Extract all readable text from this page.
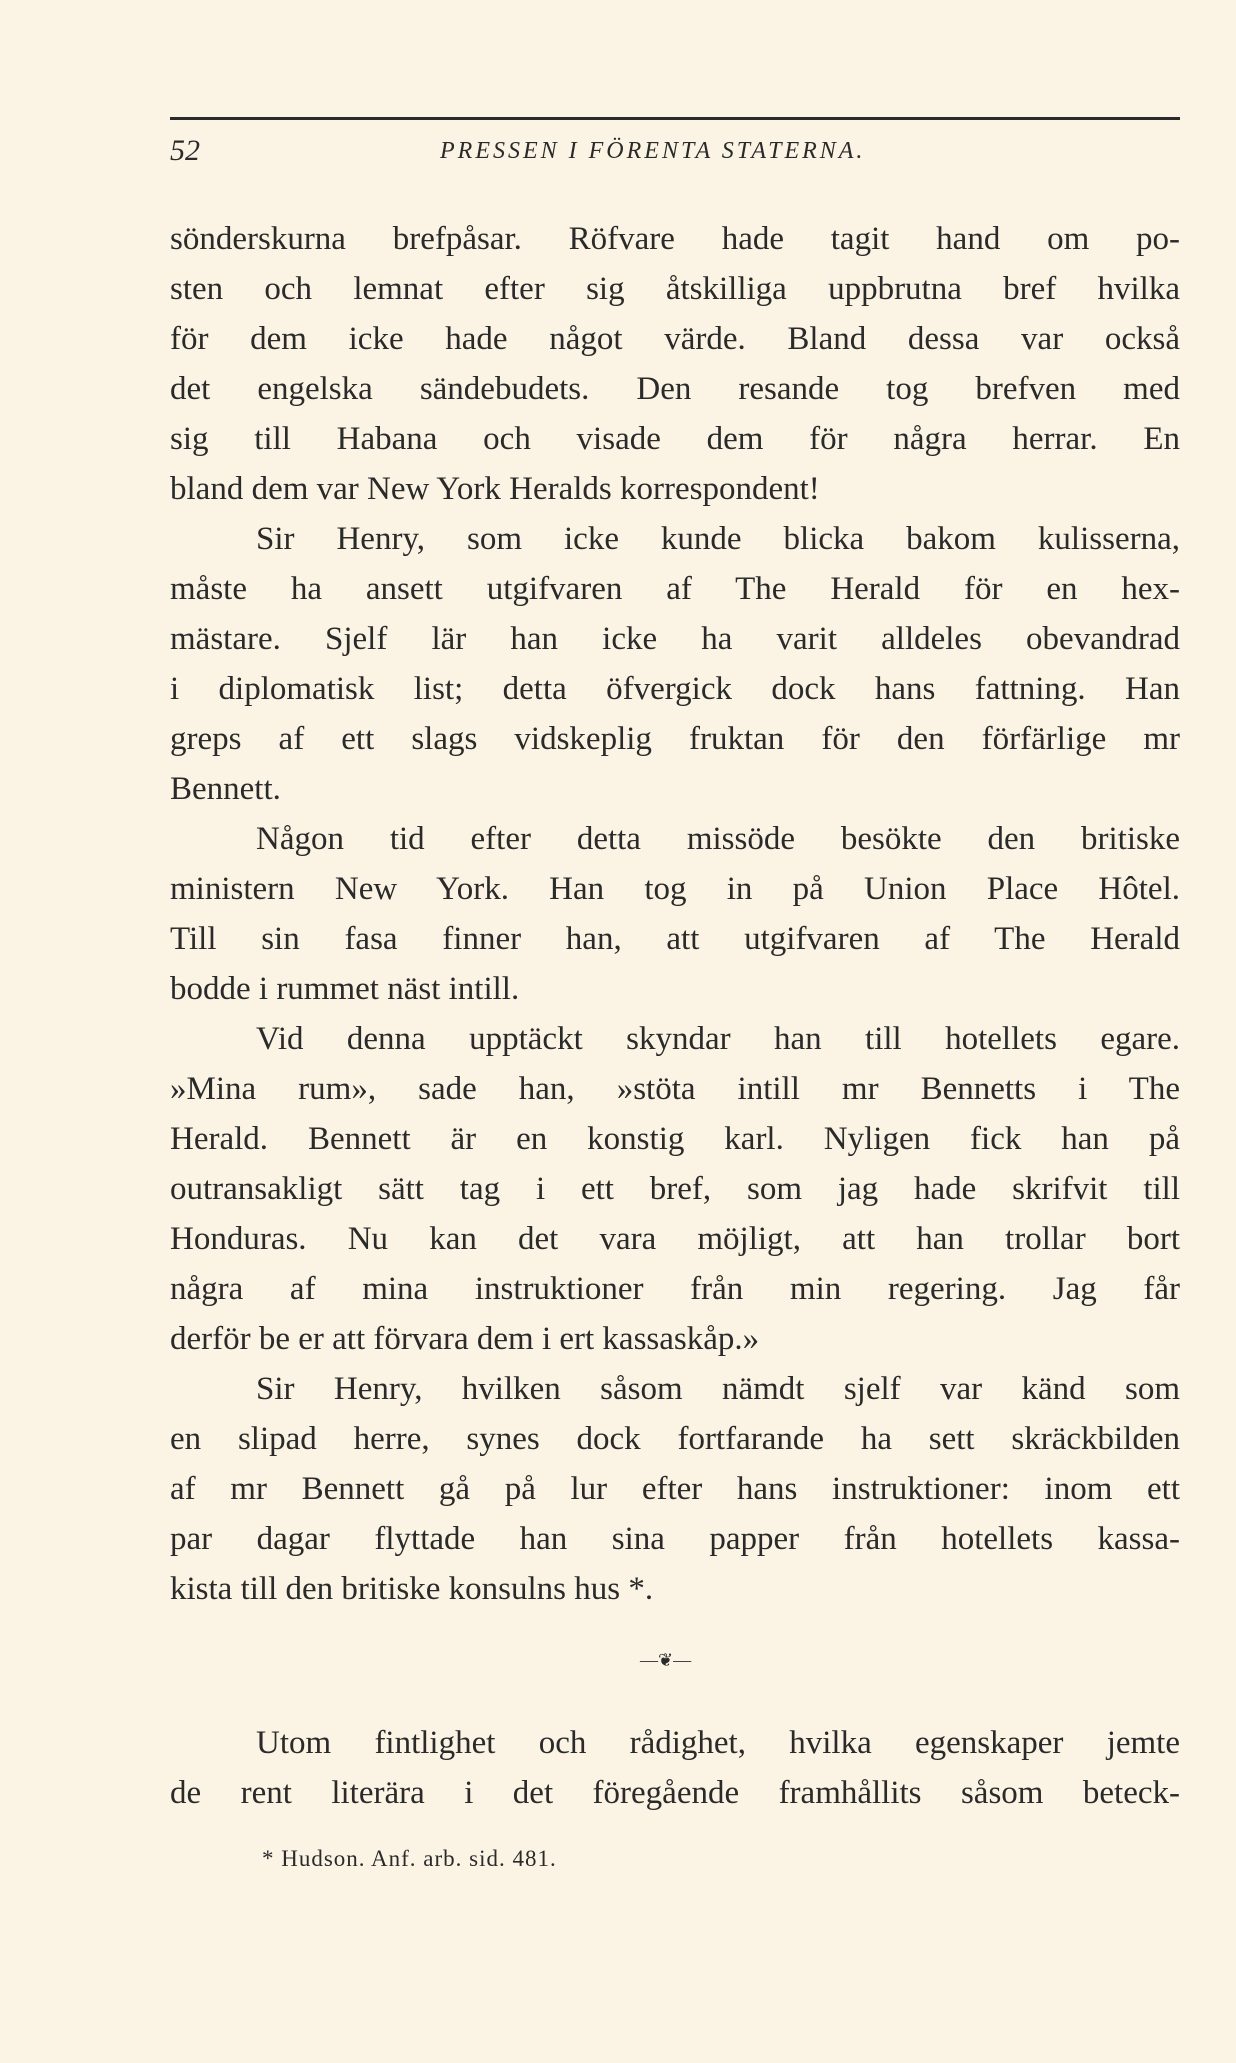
52	PRESSEN I FÖRENTA STATERNA.
sönderskurna brefpåsar. Röfvare hade tagit hand om po-
sten och lemnat efter sig åtskilliga uppbrutna bref hvilka
för dem icke hade något värde. Bland dessa var också
det engelska sändebudets. Den resande tog brefven med
sig till Habana och visade dem för några herrar. En
bland dem var New York Heralds korrespondent!
Sir Henry, som icke kunde blicka bakom kulisserna,
måste ha ansett utgifvaren af The Herald för en hex-
mästare. Sjelf lär han icke ha varit alldeles obevandrad
i diplomatisk list; detta öfvergick dock hans fattning. Han
greps af ett slags vidskeplig fruktan för den förfärlige mr
Bennett.
Någon tid efter detta missöde besökte den britiske
ministern New York. Han tog in på Union Place Hôtel.
Till sin fasa finner han, att utgifvaren af The Herald
bodde i rummet näst intill.
Vid denna upptäckt skyndar han till hotellets egare.
»Mina rum», sade han, »stöta intill mr Bennetts i The
Herald. Bennett är en konstig karl. Nyligen fick han på
outransakligt sätt tag i ett bref, som jag hade skrifvit till
Honduras. Nu kan det vara möjligt, att han trollar bort
några af mina instruktioner från min regering. Jag får
derför be er att förvara dem i ert kassaskåp.»
Sir Henry, hvilken såsom nämdt sjelf var känd som
en slipad herre, synes dock fortfarande ha sett skräckbilden
af mr Bennett gå på lur efter hans instruktioner: inom ett
par dagar flyttade han sina papper från hotellets kassa-
kista till den britiske konsulns hus *.
—❦—
Utom fintlighet och rådighet, hvilka egenskaper jemte
de rent literära i det föregående framhållits såsom beteck-
* Hudson. Anf. arb. sid. 481.
